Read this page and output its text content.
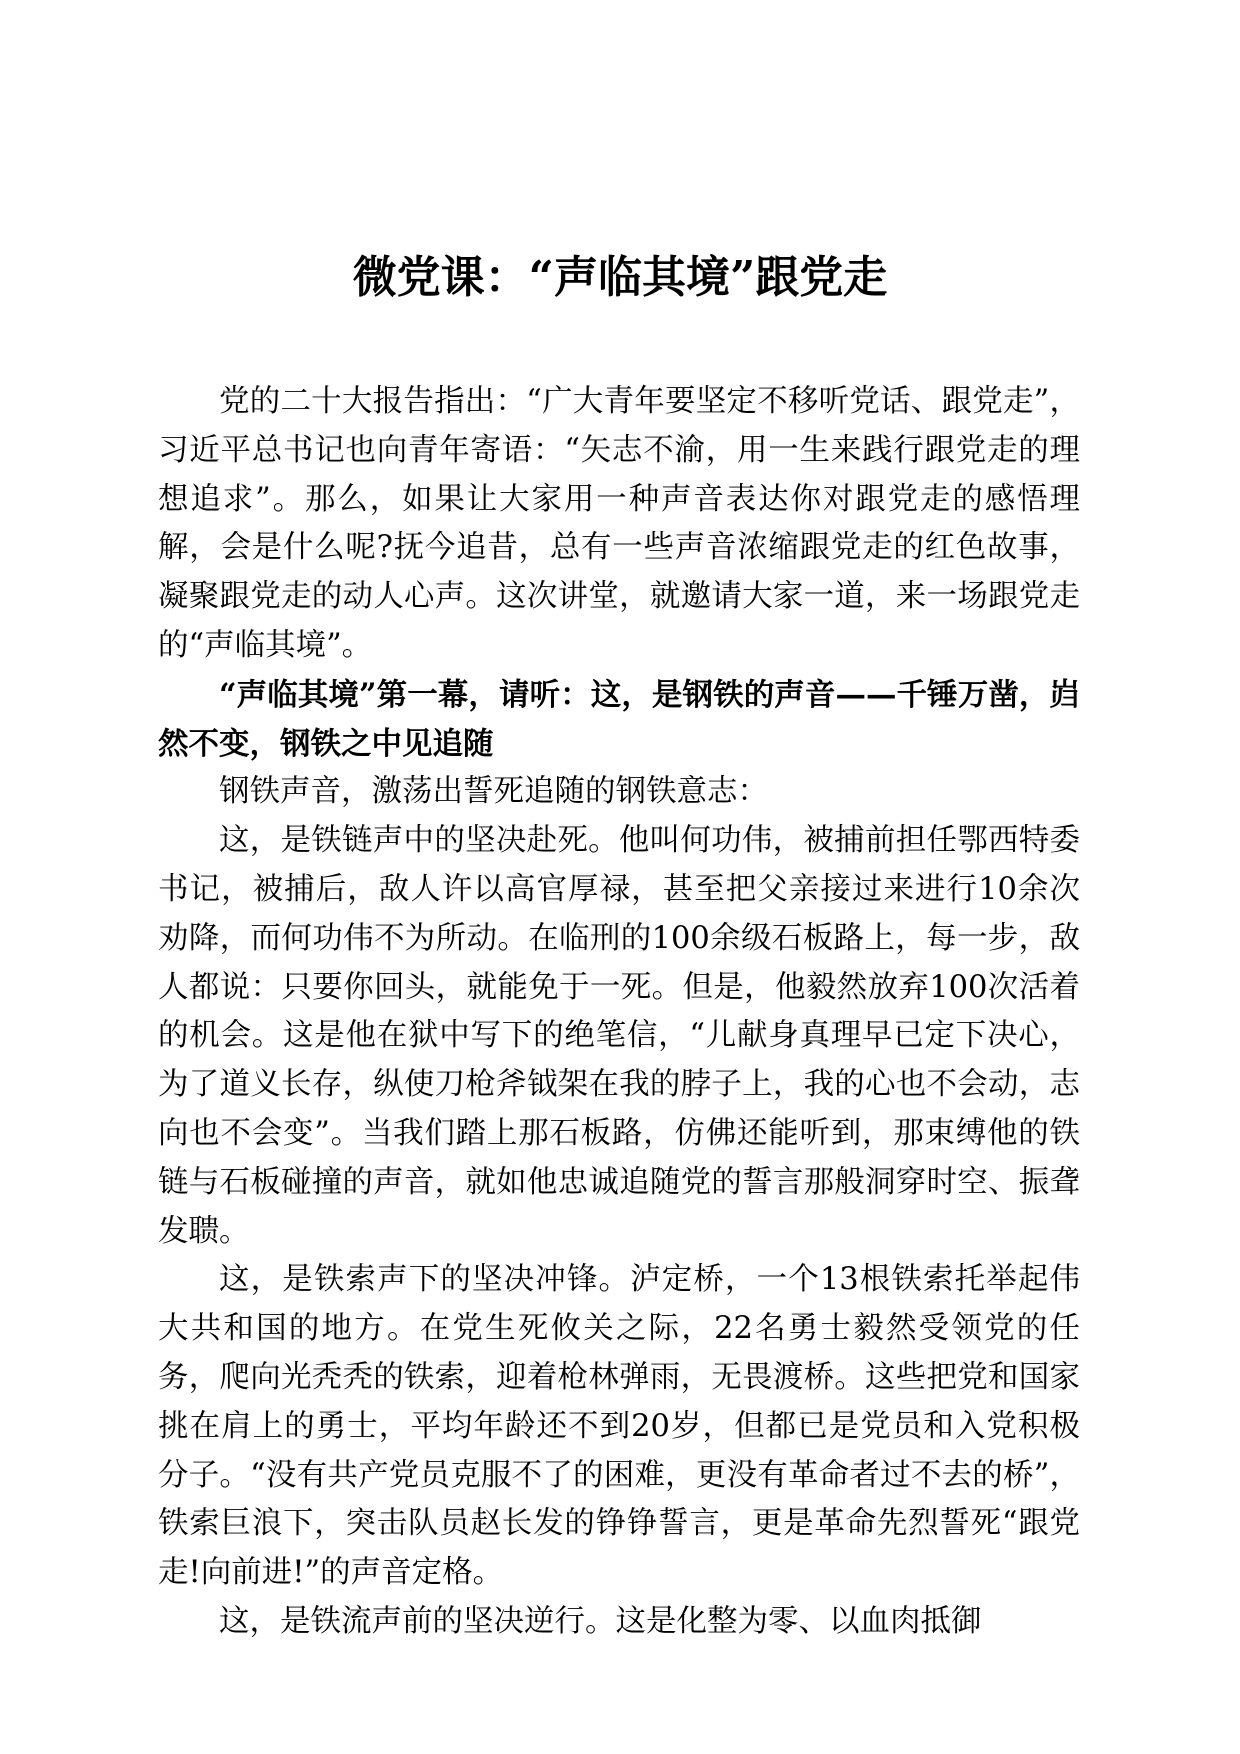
微党课：“声临其境”跟党走

党的二十大报告指出：“广大青年要坚定不移听党话、跟党走”，习近平总书记也向青年寄语：“矢志不渝，用一生来践行跟党走的理想追求”。那么，如果让大家用一种声音表达你对跟党走的感悟理解，会是什么呢?抚今追昔，总有一些声音浓缩跟党走的红色故事，凝聚跟党走的动人心声。这次讲堂，就邀请大家一道，来一场跟党走的“声临其境”。

“声临其境”第一幕，请听：这，是钢铁的声音——千锤万凿，岿然不变，钢铁之中见追随

钢铁声音，激荡出誓死追随的钢铁意志：

这，是铁链声中的坚决赴死。他叫何功伟，被捕前担任鄂西特委书记，被捕后，敌人许以高官厚禄，甚至把父亲接过来进行10余次劝降，而何功伟不为所动。在临刑的100余级石板路上，每一步，敌人都说：只要你回头，就能免于一死。但是，他毅然放弃100次活着的机会。这是他在狱中写下的绝笔信，“儿献身真理早已定下决心，为了道义长存，纵使刀枪斧钺架在我的脖子上，我的心也不会动，志向也不会变”。当我们踏上那石板路，仿佛还能听到，那束缚他的铁链与石板碰撞的声音，就如他忠诚追随党的誓言那般洞穿时空、振聋发聩。

这，是铁索声下的坚决冲锋。泸定桥，一个13根铁索托举起伟大共和国的地方。在党生死攸关之际，22名勇士毅然受领党的任务，爬向光秃秃的铁索，迎着枪林弹雨，无畏渡桥。这些把党和国家挑在肩上的勇士，平均年龄还不到20岁，但都已是党员和入党积极分子。“没有共产党员克服不了的困难，更没有革命者过不去的桥”，铁索巨浪下，突击队员赵长发的铮铮誓言，更是革命先烈誓死“跟党走!向前进!”的声音定格。

这，是铁流声前的坚决逆行。这是化整为零、以血肉抵御
